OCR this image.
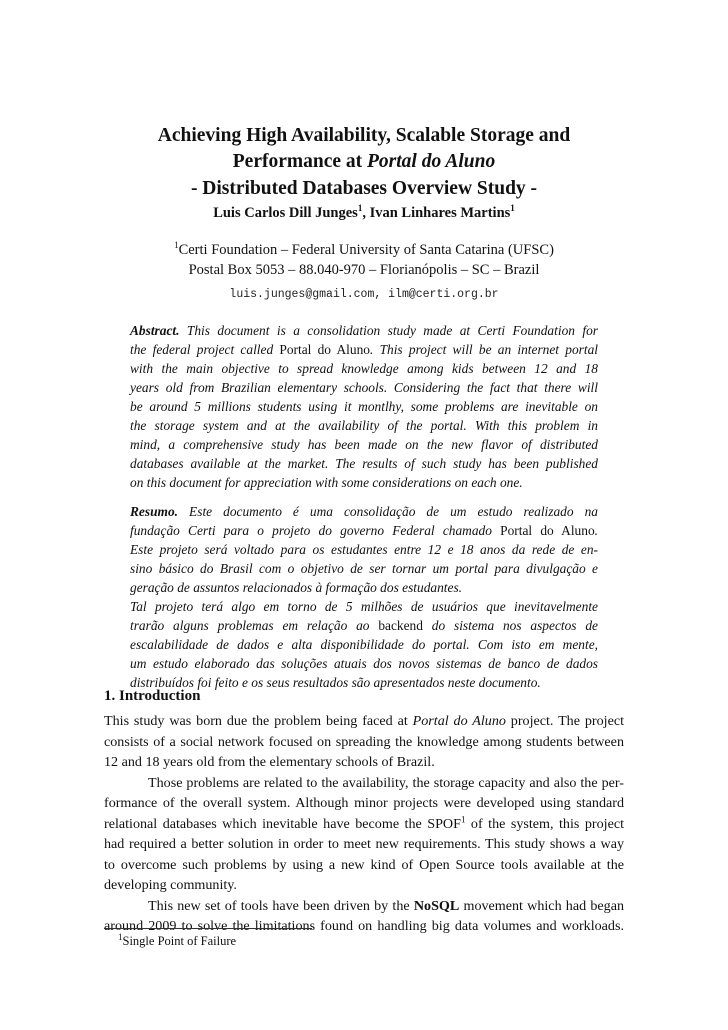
Achieving High Availability, Scalable Storage and
Performance at Portal do Aluno
- Distributed Databases Overview Study -
Luis Carlos Dill Junges$^1$, Ivan Linhares Martins$^1$
$^1$Certi Foundation – Federal University of Santa Catarina (UFSC)
Postal Box 5053 – 88.040-970 – Florianópolis – SC – Brazil
luis.junges@gmail.com, ilm@certi.org.br

Abstract. This document is a consolidation study made at Certi Foundation for

the federal project called Portal do Aluno. This project will be an internet portal

with the main objective to spread knowledge among kids between 12 and 18

years old from Brazilian elementary schools. Considering the fact that there will

be around 5 millions students using it montlhy, some problems are inevitable on

the storage system and at the availability of the portal. With this problem in

mind, a comprehensive study has been made on the new flavor of distributed

databases available at the market. The results of such study has been published

on this document for appreciation with some considerations on each one.

Resumo. Este documento é uma consolidação de um estudo realizado na

fundação Certi para o projeto do governo Federal chamado Portal do Aluno.

Este projeto será voltado para os estudantes entre 12 e 18 anos da rede de en-

sino básico do Brasil com o objetivo de ser tornar um portal para divulgação e

geração de assuntos relacionados à formação dos estudantes.

Tal projeto terá algo em torno de 5 milhões de usuários que inevitavelmente

trarão alguns problemas em relação ao backend do sistema nos aspectos de

escalabilidade de dados e alta disponibilidade do portal. Com isto em mente,

um estudo elaborado das soluções atuais dos novos sistemas de banco de dados

distribuídos foi feito e os seus resultados são apresentados neste documento.

1. Introduction

This study was born due the problem being faced at Portal do Aluno project. The project

consists of a social network focused on spreading the knowledge among students between

12 and 18 years old from the elementary schools of Brazil.

Those problems are related to the availability, the storage capacity and also the per-

formance of the overall system. Although minor projects were developed using standard

relational databases which inevitable have become the SPOF$^1$ of the system, this project

had required a better solution in order to meet new requirements. This study shows a way

to overcome such problems by using a new kind of Open Source tools available at the

developing community.

This new set of tools have been driven by the NoSQL movement which had began

around 2009 to solve the limitations found on handling big data volumes and workloads.

$^1$Single Point of Failure
